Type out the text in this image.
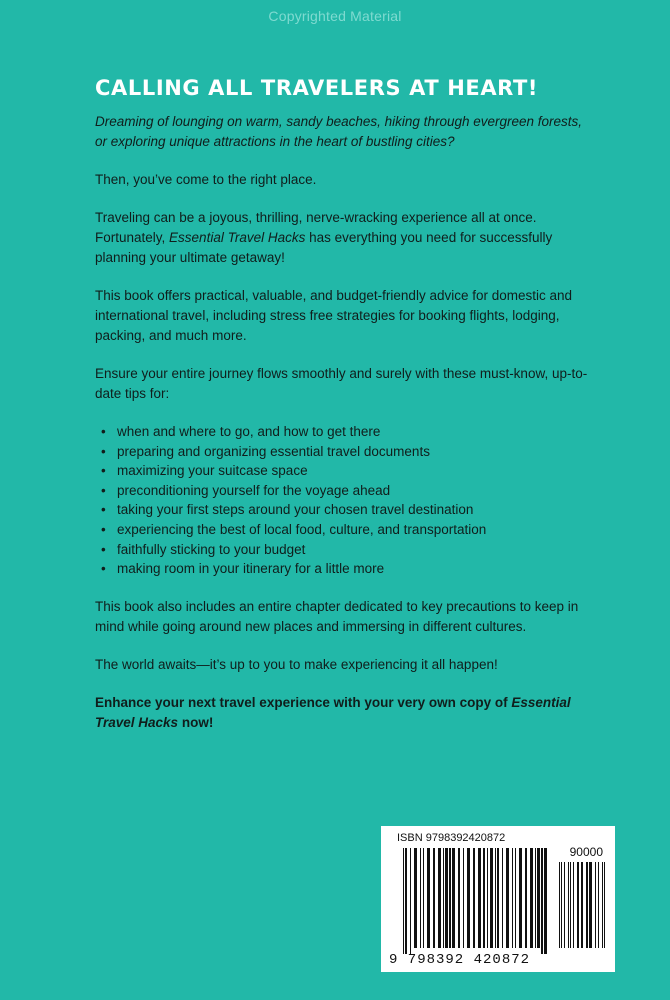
Copyrighted Material
CALLING ALL TRAVELERS AT HEART!

Dreaming of lounging on warm, sandy beaches, hiking through evergreen forests, or exploring unique attractions in the heart of bustling cities?

Then, you’ve come to the right place.

Traveling can be a joyous, thrilling, nerve-wracking experience all at once. Fortunately, Essential Travel Hacks has everything you need for successfully planning your ultimate getaway!

This book offers practical, valuable, and budget-friendly advice for domestic and international travel, including stress free strategies for booking flights, lodging, packing, and much more.

Ensure your entire journey flows smoothly and surely with these must-know, up-to-date tips for:

• when and where to go, and how to get there
• preparing and organizing essential travel documents
• maximizing your suitcase space
• preconditioning yourself for the voyage ahead
• taking your first steps around your chosen travel destination
• experiencing the best of local food, culture, and transportation
• faithfully sticking to your budget
• making room in your itinerary for a little more

This book also includes an entire chapter dedicated to key precautions to keep in mind while going around new places and immersing in different cultures.

The world awaits—it’s up to you to make experiencing it all happen!

Enhance your next travel experience with your very own copy of Essential Travel Hacks now!

ISBN 9798392420872
90000
9 798392 420872
